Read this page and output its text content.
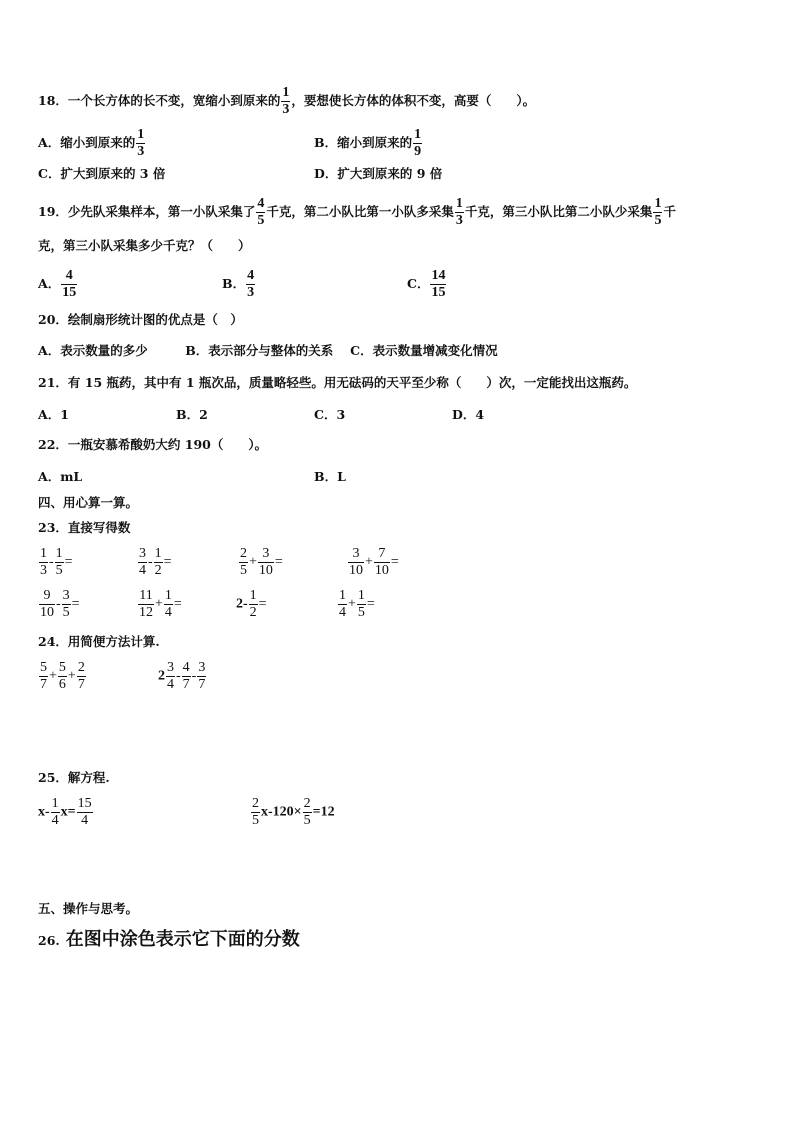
18．一个长方体的长不变，宽缩小到原来的 $\frac{1}{3}$ ，要想使长方体的体积不变，高要（　　）。
A．缩小到原来的 $\frac{1}{3}$	B．缩小到原来的 $\frac{1}{9}$
C．扩大到原来的 3 倍	D．扩大到原来的 9 倍
19．少先队采集样本，第一小队采集了 $\frac{4}{5}$ 千克，第二小队比第一小队多采集 $\frac{1}{3}$ 千克，第三小队比第二小队少采集 $\frac{1}{5}$ 千
克，第三小队采集多少千克？（　　）
A． $\frac{4}{15}$	B． $\frac{4}{3}$	C． $\frac{14}{15}$
20．绘制扇形统计图的优点是（　）
A．表示数量的多少　　　B．表示部分与整体的关系　 C．表示数量增减变化情况
21．有 15 瓶药，其中有 1 瓶次品，质量略轻些。用无砝码的天平至少称（　　）次，一定能找出这瓶药。
A．1	B．2	C．3	D．4
22．一瓶安慕希酸奶大约 190（　　）。
A．mL	B．L
四、用心算一算。
23．直接写得数
$\frac{1}{3} - \frac{1}{5}$ =	$\frac{3}{4} - \frac{1}{2}$ =	$\frac{2}{5} + \frac{3}{10}$ =	$\frac{3}{10} + \frac{7}{10}$ =
$\frac{9}{10} - \frac{3}{5}$ =	$\frac{11}{12} + \frac{1}{4}$ =	$2- \frac{1}{2}$ =	$\frac{1}{4} + \frac{1}{5}$ =
24．用简便方法计算.
$\frac{5}{7} + \frac{5}{6} + \frac{2}{7}$	$2 \frac{3}{4} - \frac{4}{7} - \frac{3}{7}$
25．解方程.
$x- \frac{1}{4} x= \frac{15}{4}$	$\frac{2}{5} x-120\times \frac{2}{5} =12$
五、操作与思考。
26. 在图中涂色表示它下面的分数
